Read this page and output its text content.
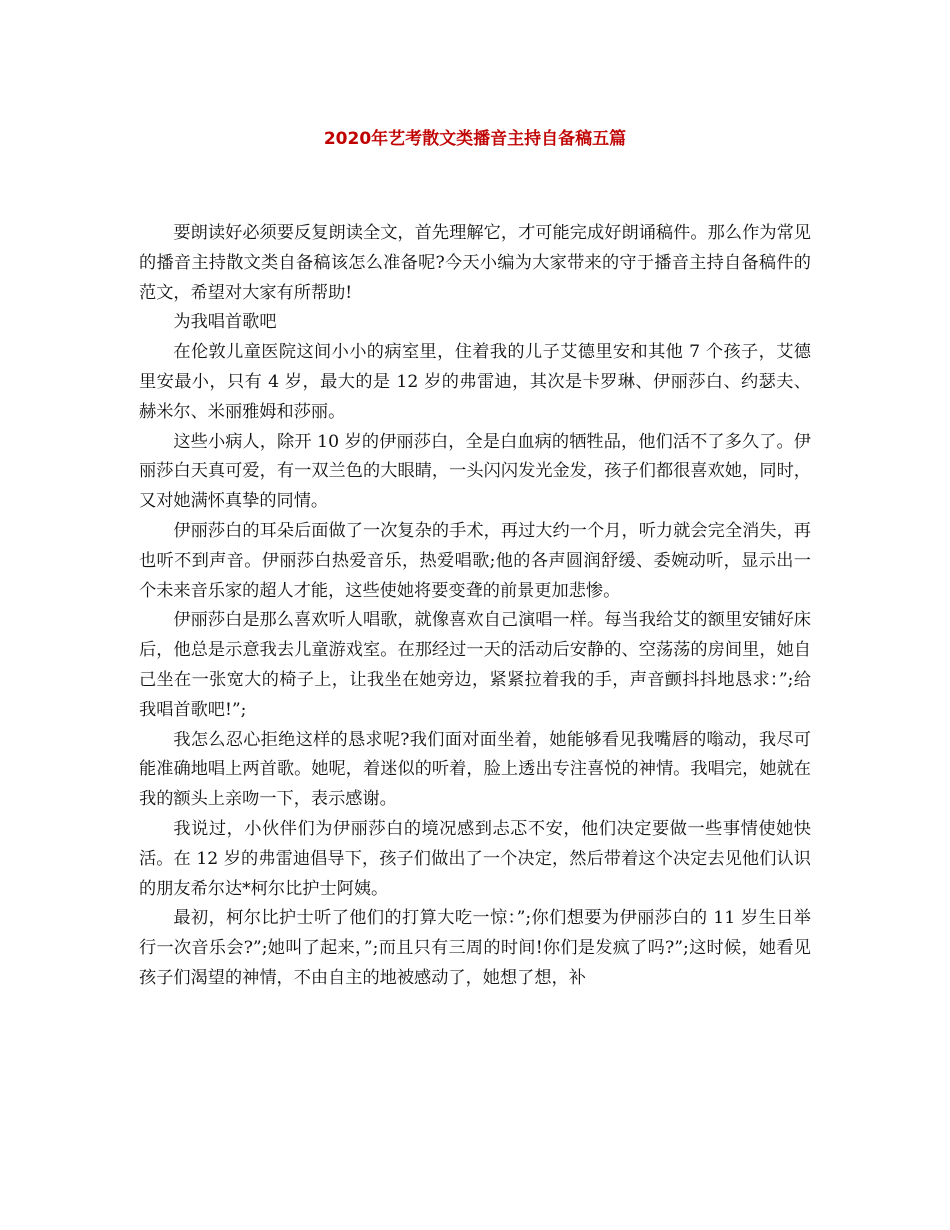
2020年艺考散文类播音主持自备稿五篇

要朗读好必须要反复朗读全文，首先理解它，才可能完成好朗诵稿件。那么作为常见的播音主持散文类自备稿该怎么准备呢?今天小编为大家带来的守于播音主持自备稿件的范文，希望对大家有所帮助!

为我唱首歌吧

在伦敦儿童医院这间小小的病室里，住着我的儿子艾德里安和其他 7 个孩子，艾德里安最小，只有 4 岁，最大的是 12 岁的弗雷迪，其次是卡罗琳、伊丽莎白、约瑟夫、赫米尔、米丽雅姆和莎丽。

这些小病人，除开 10 岁的伊丽莎白，全是白血病的牺牲品，他们活不了多久了。伊丽莎白天真可爱，有一双兰色的大眼睛，一头闪闪发光金发，孩子们都很喜欢她，同时，又对她满怀真挚的同情。

伊丽莎白的耳朵后面做了一次复杂的手术，再过大约一个月，听力就会完全消失，再也听不到声音。伊丽莎白热爱音乐，热爱唱歌;他的各声圆润舒缓、委婉动听，显示出一个未来音乐家的超人才能，这些使她将要变聋的前景更加悲惨。

伊丽莎白是那么喜欢听人唱歌，就像喜欢自己演唱一样。每当我给艾的额里安铺好床后，他总是示意我去儿童游戏室。在那经过一天的活动后安静的、空荡荡的房间里，她自己坐在一张宽大的椅子上，让我坐在她旁边，紧紧拉着我的手，声音颤抖抖地恳求：”;给我唱首歌吧!”;

我怎么忍心拒绝这样的恳求呢?我们面对面坐着，她能够看见我嘴唇的嗡动，我尽可能准确地唱上两首歌。她呢，着迷似的听着，脸上透出专注喜悦的神情。我唱完，她就在我的额头上亲吻一下，表示感谢。

我说过，小伙伴们为伊丽莎白的境况感到忐忑不安，他们决定要做一些事情使她快活。在 12 岁的弗雷迪倡导下，孩子们做出了一个决定，然后带着这个决定去见他们认识的朋友希尔达*柯尔比护士阿姨。

最初，柯尔比护士听了他们的打算大吃一惊：”;你们想要为伊丽莎白的 11 岁生日举行一次音乐会?”;她叫了起来，”;而且只有三周的时间!你们是发疯了吗?”;这时候，她看见孩子们渴望的神情，不由自主的地被感动了，她想了想，补
